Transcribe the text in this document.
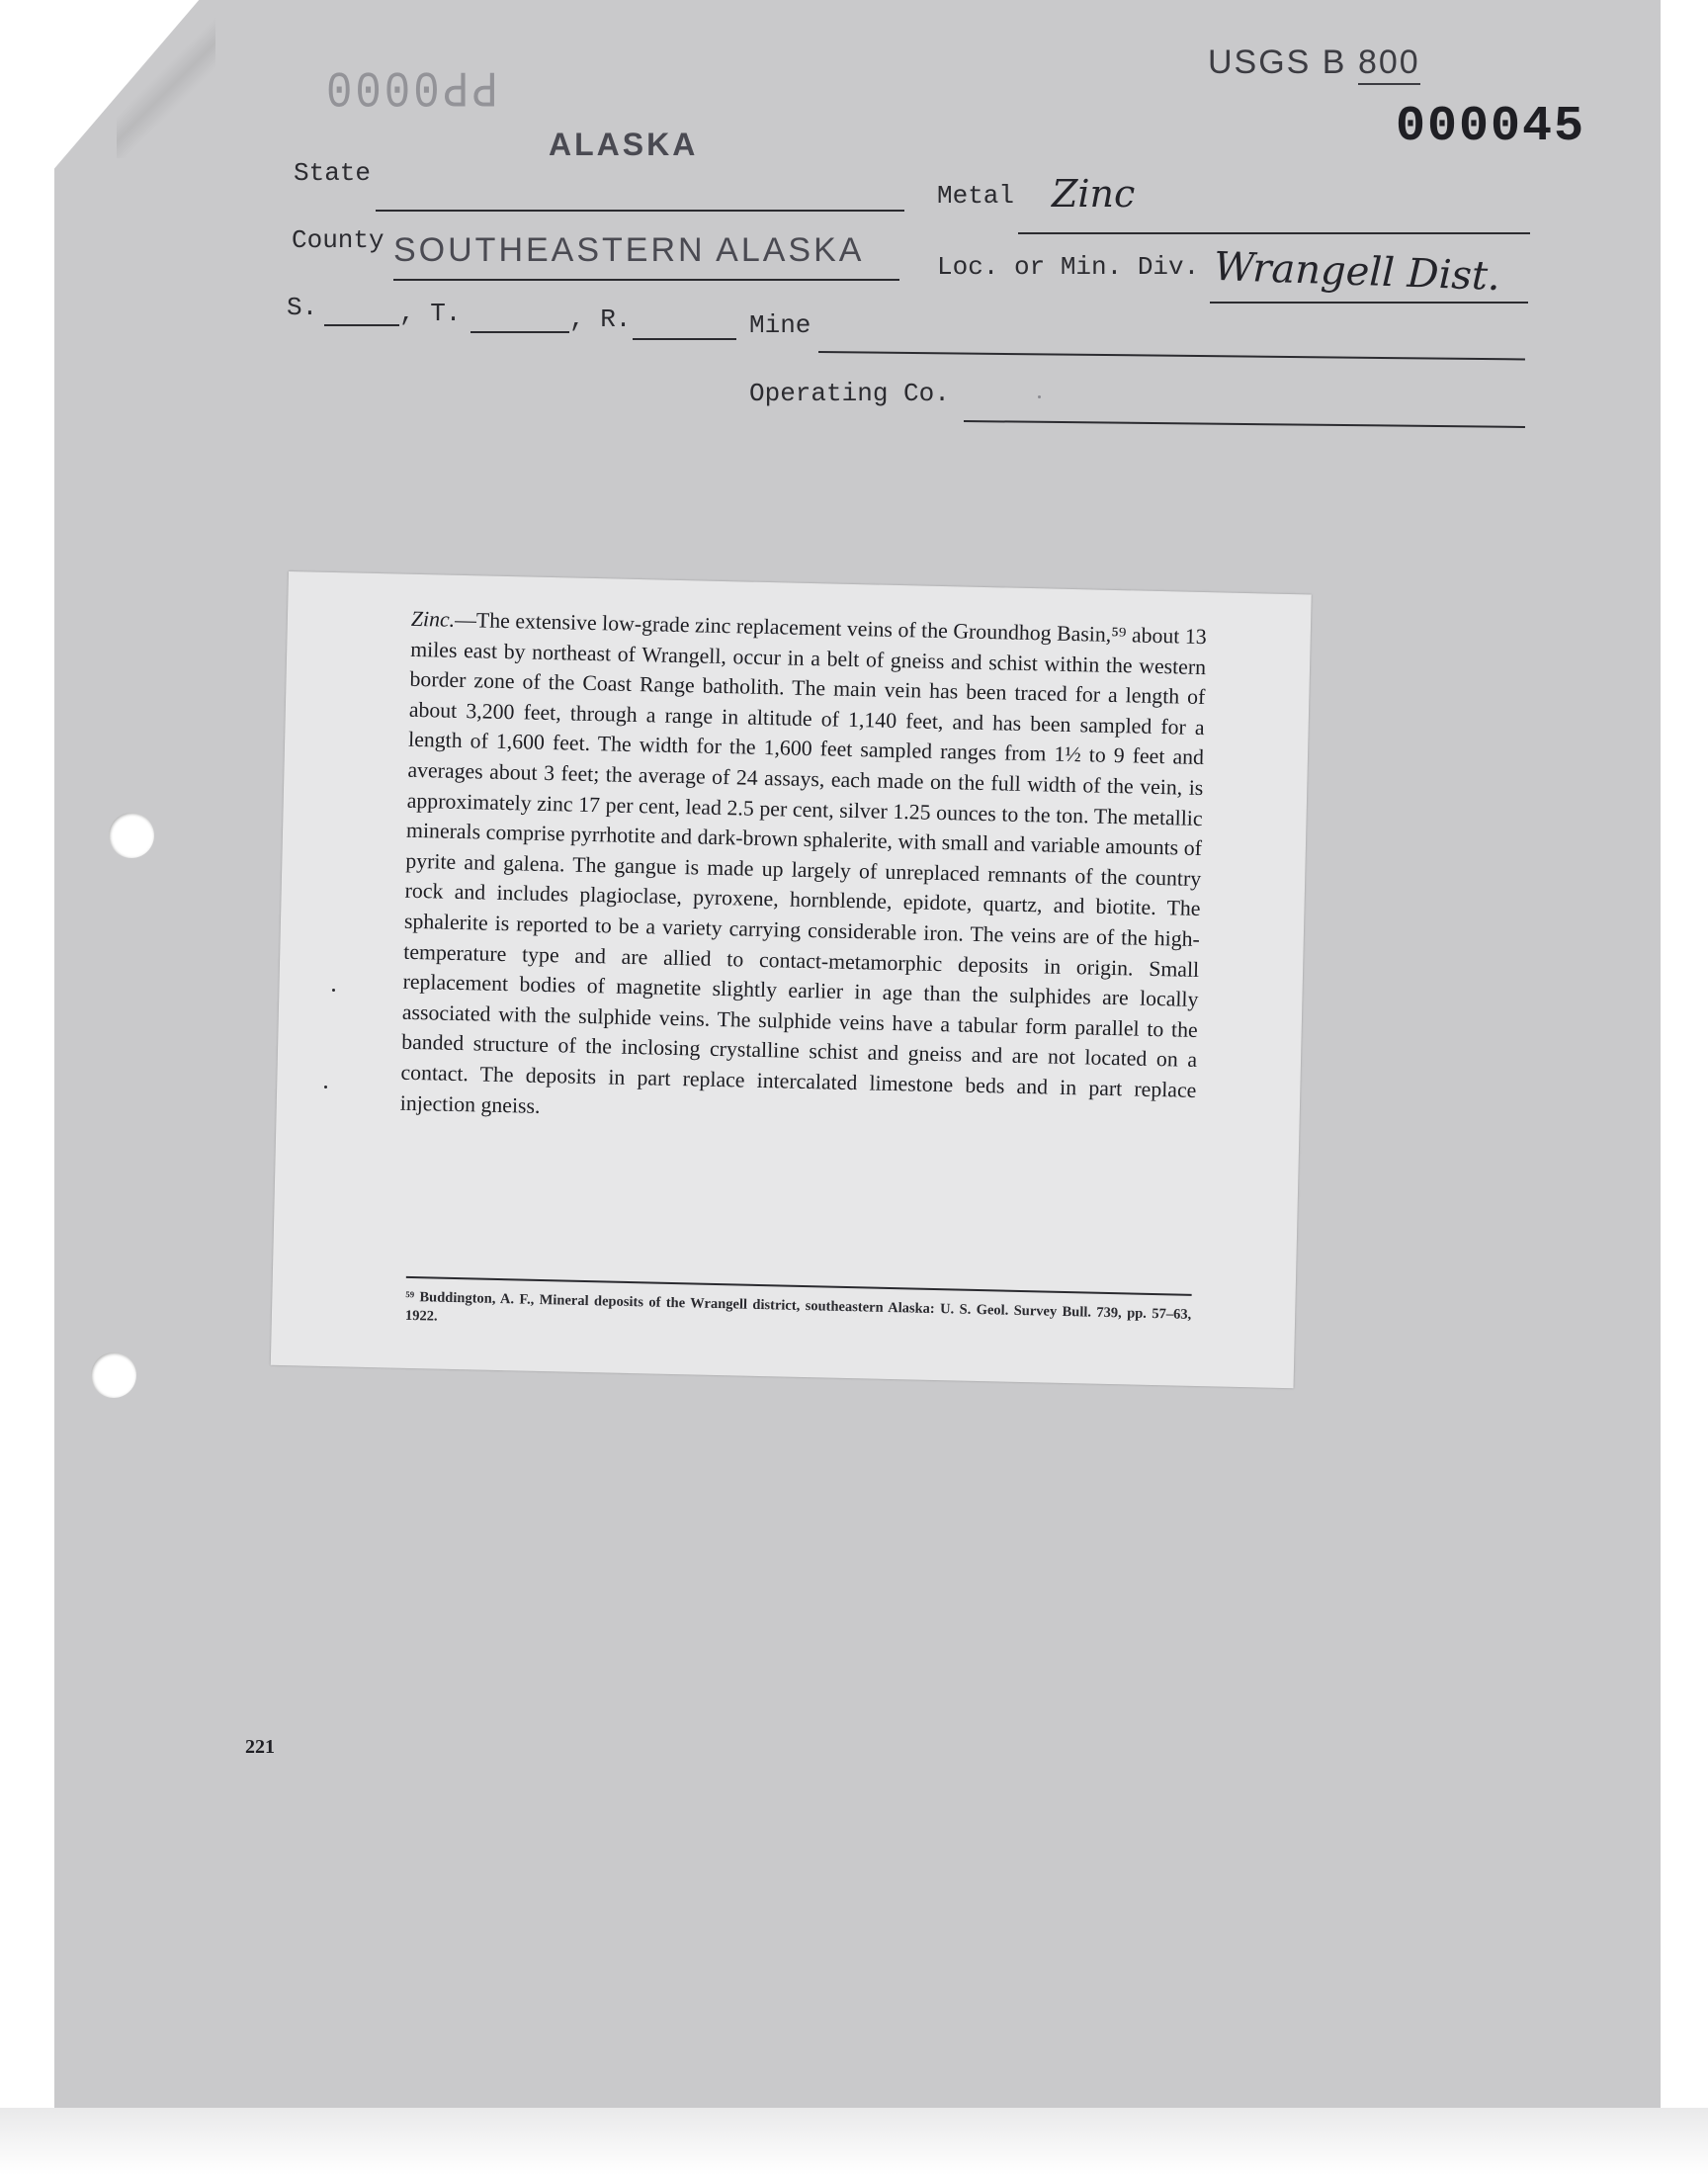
0000ԀԀ
USGS B 800
000045
ALASKA
State
Metal Zinc
County SOUTHEASTERN ALASKA	Loc. or Min. Div. Wrangell Dist.
S.	, T.	, R.	Mine
Operating Co.

Zinc.—The extensive low-grade zinc replacement veins of the Groundhog Basin,⁵⁹ about 13 miles east by northeast of Wrangell, occur in a belt of gneiss and schist within the western border zone of the Coast Range batholith. The main vein has been traced for a length of about 3,200 feet, through a range in altitude of 1,140 feet, and has been sampled for a length of 1,600 feet. The width for the 1,600 feet sampled ranges from 1½ to 9 feet and averages about 3 feet; the average of 24 assays, each made on the full width of the vein, is approximately zinc 17 per cent, lead 2.5 per cent, silver 1.25 ounces to the ton. The metallic minerals comprise pyrrhotite and dark-brown sphalerite, with small and variable amounts of pyrite and galena. The gangue is made up largely of unreplaced remnants of the country rock and includes plagioclase, pyroxene, hornblende, epidote, quartz, and biotite. The sphalerite is reported to be a variety carrying considerable iron. The veins are of the high-temperature type and are allied to contact-metamorphic deposits in origin. Small replacement bodies of magnetite slightly earlier in age than the sulphides are locally associated with the sulphide veins. The sulphide veins have a tabular form parallel to the banded structure of the inclosing crystalline schist and gneiss and are not located on a contact. The deposits in part replace intercalated limestone beds and in part replace injection gneiss.

⁵⁹ Buddington, A. F., Mineral deposits of the Wrangell district, southeastern Alaska: U. S. Geol. Survey Bull. 739, pp. 57–63, 1922.

221
